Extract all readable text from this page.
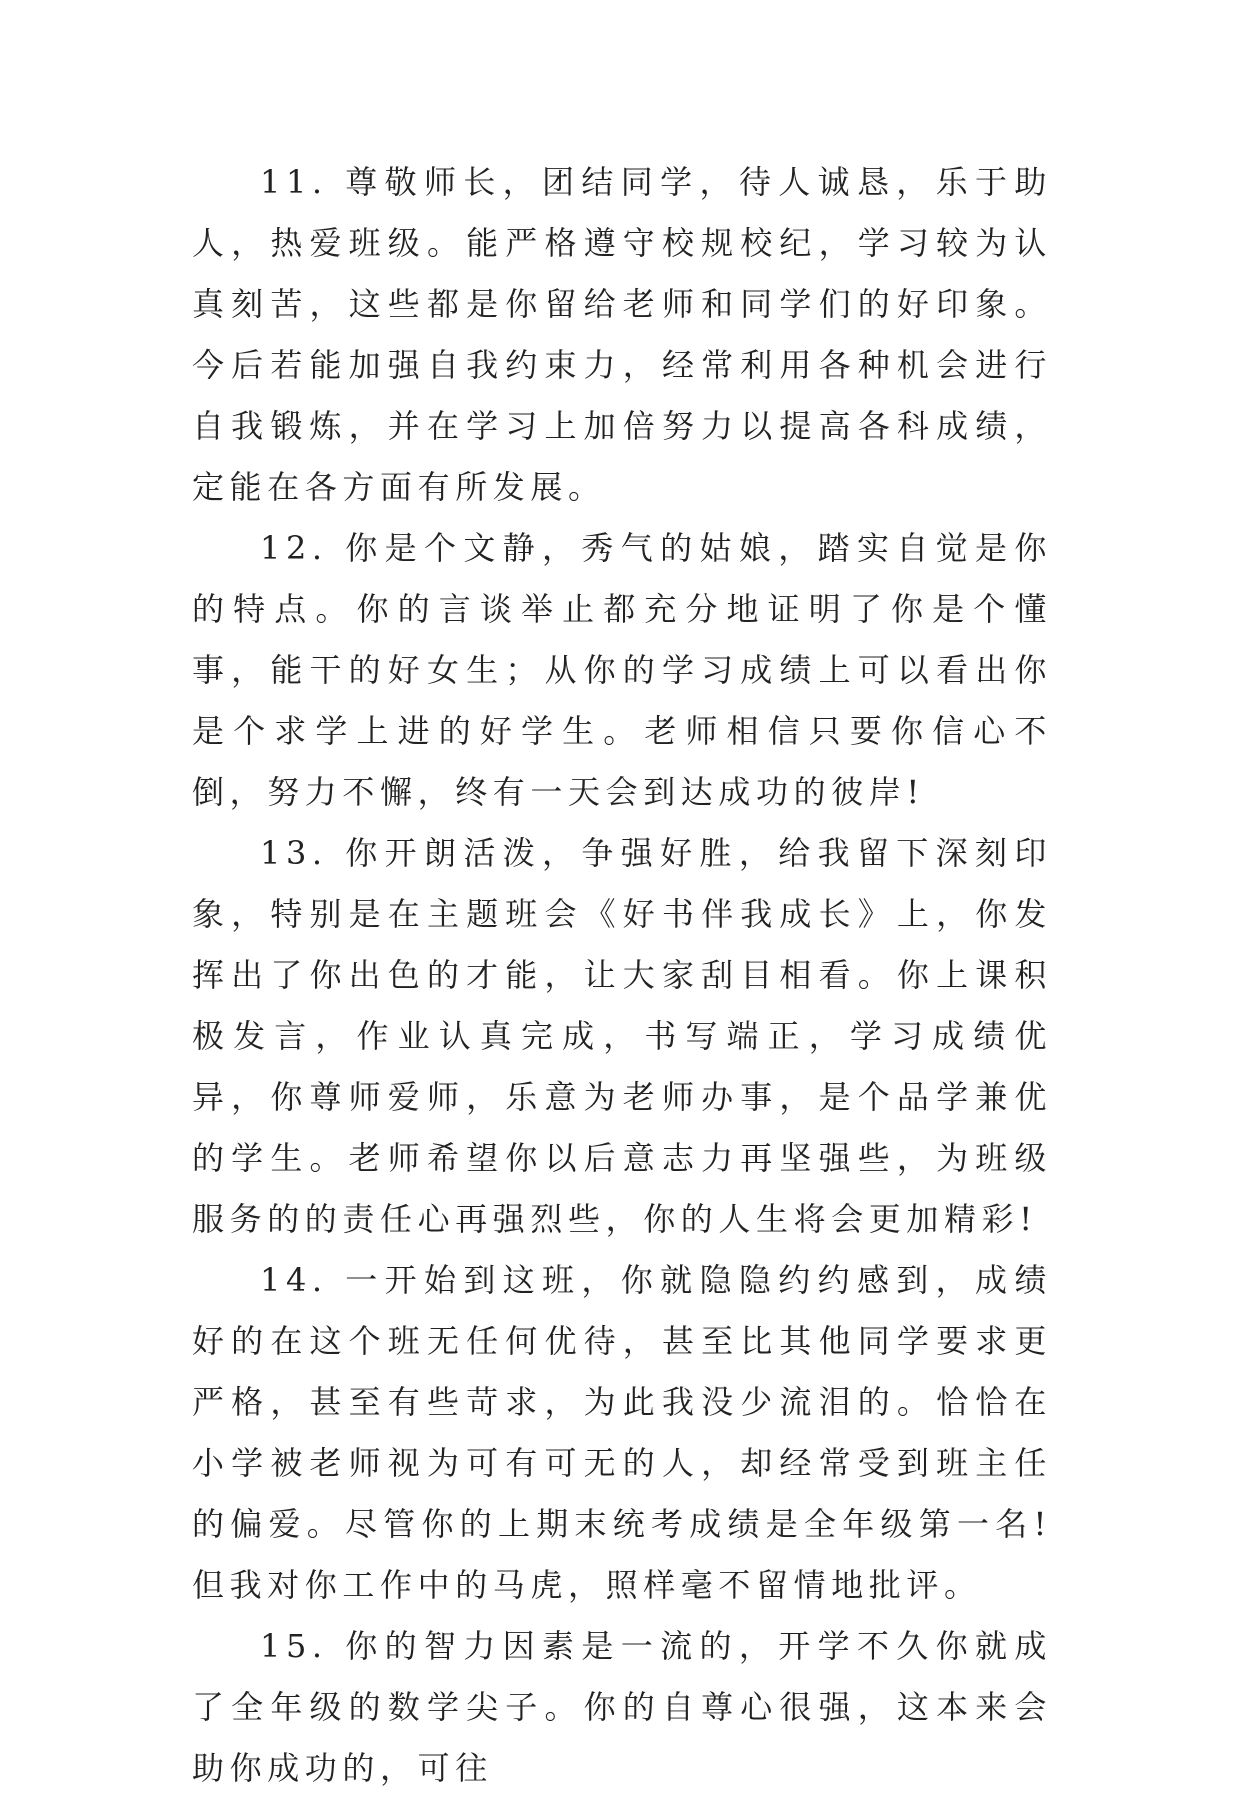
11. 尊敬师长，团结同学，待人诚恳，乐于助人，热爱班级。能严格遵守校规校纪，学习较为认真刻苦，这些都是你留给老师和同学们的好印象。今后若能加强自我约束力，经常利用各种机会进行自我锻炼，并在学习上加倍努力以提高各科成绩，定能在各方面有所发展。

12. 你是个文静，秀气的姑娘，踏实自觉是你的特点。你的言谈举止都充分地证明了你是个懂事，能干的好女生；从你的学习成绩上可以看出你是个求学上进的好学生。老师相信只要你信心不倒，努力不懈，终有一天会到达成功的彼岸!

13. 你开朗活泼，争强好胜，给我留下深刻印象，特别是在主题班会《好书伴我成长》上，你发挥出了你出色的才能，让大家刮目相看。你上课积极发言，作业认真完成，书写端正，学习成绩优异，你尊师爱师，乐意为老师办事，是个品学兼优的学生。老师希望你以后意志力再坚强些，为班级服务的的责任心再强烈些，你的人生将会更加精彩!

14. 一开始到这班，你就隐隐约约感到，成绩好的在这个班无任何优待，甚至比其他同学要求更严格，甚至有些苛求，为此我没少流泪的。恰恰在小学被老师视为可有可无的人，却经常受到班主任的偏爱。尽管你的上期末统考成绩是全年级第一名!但我对你工作中的马虎，照样毫不留情地批评。

15. 你的智力因素是一流的，开学不久你就成了全年级的数学尖子。你的自尊心很强，这本来会助你成功的，可往
